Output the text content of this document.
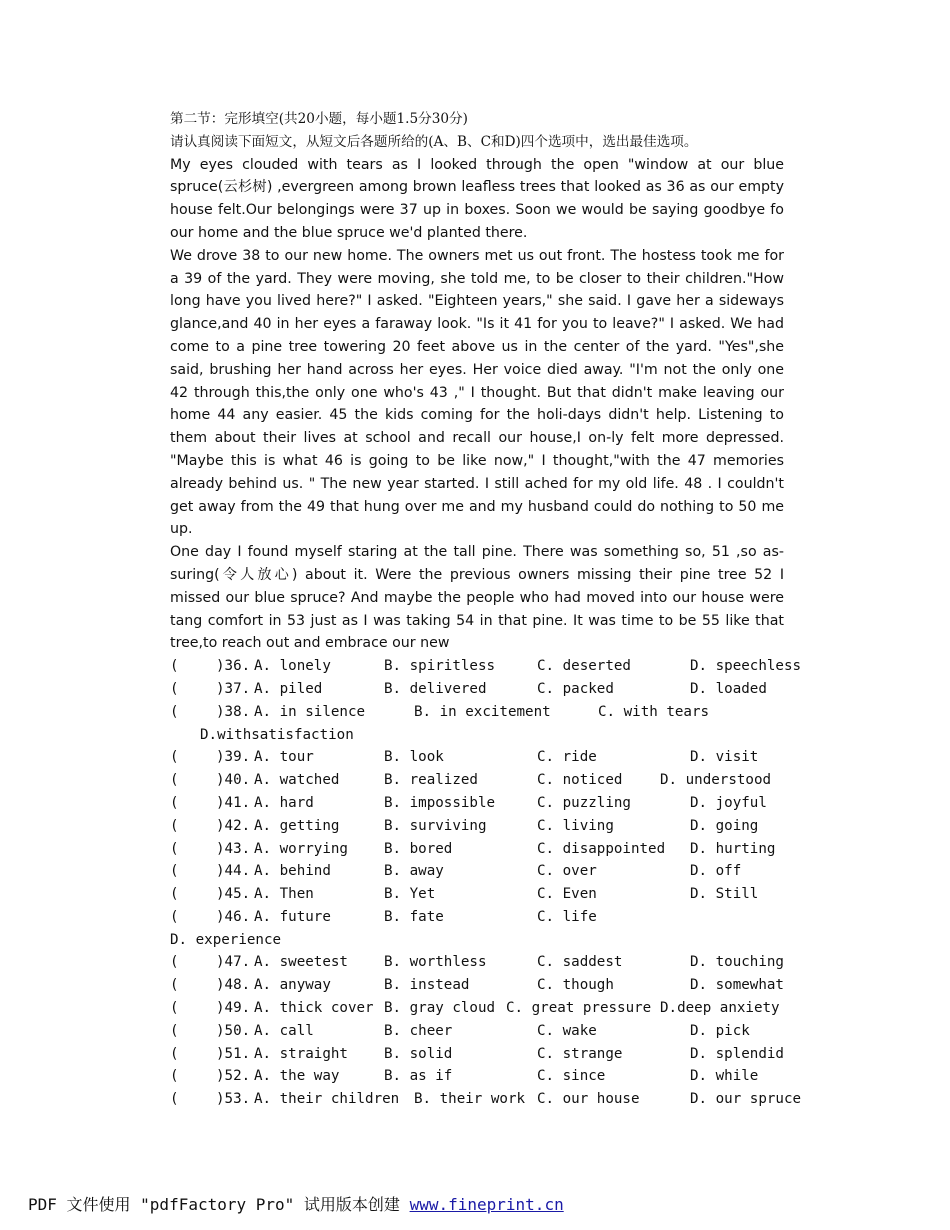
第二节：完形填空(共20小题，每小题1.5分30分)
请认真阅读下面短文，从短文后各题所给的(A、B、C和D)四个选项中，选出最佳选项。

My eyes clouded with tears as I looked through the open "window at our blue spruce(云杉树) ,evergreen among brown leafless trees that looked as 36 as our empty house felt.Our belongings were 37 up in boxes. Soon we would be saying goodbye fo our home and the blue spruce we'd planted there.

We drove 38 to our new home. The owners met us out front. The hostess took me for a 39 of the yard. They were moving, she told me, to be closer to their children."How long have you lived here?" I asked. "Eighteen years," she said. I gave her a sideways glance,and 40 in her eyes a faraway look. "Is it 41 for you to leave?" I asked. We had come to a pine tree towering 20 feet above us in the center of the yard. "Yes",she said, brushing her hand across her eyes. Her voice died away. "I'm not the only one 42 through this,the only one who's 43 ," I thought. But that didn't make leaving our home 44 any easier. 45 the kids coming for the holi-days didn't help. Listening to them about their lives at school and recall our house,I on-ly felt more depressed. "Maybe this is what 46 is going to be like now," I thought,"with the 47 memories already behind us. " The new year started. I still ached for my old life. 48 . I couldn't get away from the 49 that hung over me and my husband could do nothing to 50 me up.

One day I found myself staring at the tall pine. There was something so, 51 ,so as- suring(令人放心) about it. Were the previous owners missing their pine tree 52 I missed our blue spruce? And maybe the people who had moved into our house were tang comfort in 53 just as I was taking 54 in that pine. It was time to be 55 like that tree,to reach out and embrace our new

(	)36. A. lonely	B. spiritless	C. deserted	D. speechless
(	)37. A. piled	B. delivered	C. packed	D. loaded
(	)38. A. in silence	B. in excitement	C. with tears
D.withsatisfaction
(	)39. A. tour	B. look	C. ride	D. visit
(	)40. A. watched	B. realized	C. noticed	D. understood
(	)41. A. hard	B. impossible	C. puzzling	D. joyful
(	)42. A. getting	B. surviving	C. living	D. going
(	)43. A. worrying	B. bored	C. disappointed D. hurting
(	)44. A. behind	B. away	C. over	D. off
(	)45. A. Then	B. Yet	C. Even	D. Still
(	)46. A. future	B. fate	C. life
D. experience
(	)47. A. sweetest	B. worthless	C. saddest	D. touching
(	)48. A. anyway	B. instead	C. though	D. somewhat
(	)49. A. thick cover B. gray cloud C. great pressure D.deep anxiety
(	)50. A. call	B. cheer	C. wake	D. pick
(	)51. A. straight	B. solid	C. strange	D. splendid
(	)52. A. the way	B. as if	C. since	D. while
(	)53. A. their children B. their work C. our house	D. our spruce
PDF 文件使用 "pdfFactory Pro" 试用版本创建 www.fineprint.cn
